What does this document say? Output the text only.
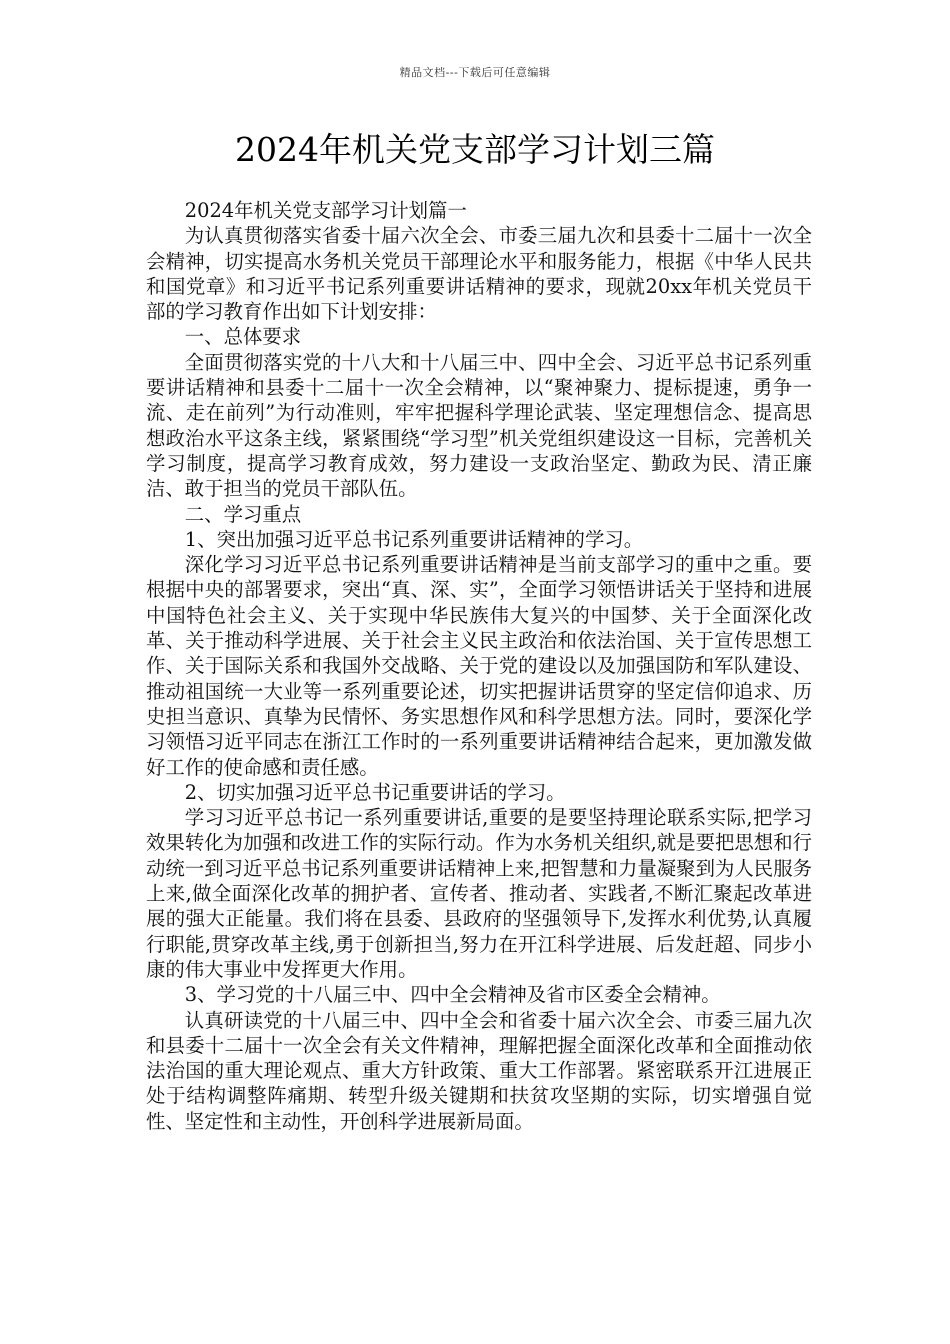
精品文档---下载后可任意编辑
2024年机关党支部学习计划三篇

2024年机关党支部学习计划篇一

为认真贯彻落实省委十届六次全会、市委三届九次和县委十二届十一次全会精神，切实提高水务机关党员干部理论水平和服务能力，根据《中华人民共和国党章》和习近平书记系列重要讲话精神的要求，现就20xx年机关党员干部的学习教育作出如下计划安排：

一、总体要求

全面贯彻落实党的十八大和十八届三中、四中全会、习近平总书记系列重要讲话精神和县委十二届十一次全会精神，以“聚神聚力、提标提速，勇争一流、走在前列”为行动准则，牢牢把握科学理论武装、坚定理想信念、提高思想政治水平这条主线，紧紧围绕“学习型”机关党组织建设这一目标，完善机关学习制度，提高学习教育成效，努力建设一支政治坚定、勤政为民、清正廉洁、敢于担当的党员干部队伍。

二、学习重点

1、突出加强习近平总书记系列重要讲话精神的学习。

深化学习习近平总书记系列重要讲话精神是当前支部学习的重中之重。要根据中央的部署要求，突出“真、深、实”，全面学习领悟讲话关于坚持和进展中国特色社会主义、关于实现中华民族伟大复兴的中国梦、关于全面深化改革、关于推动科学进展、关于社会主义民主政治和依法治国、关于宣传思想工作、关于国际关系和我国外交战略、关于党的建设以及加强国防和军队建设、推动祖国统一大业等一系列重要论述，切实把握讲话贯穿的坚定信仰追求、历史担当意识、真挚为民情怀、务实思想作风和科学思想方法。同时，要深化学习领悟习近平同志在浙江工作时的一系列重要讲话精神结合起来，更加激发做好工作的使命感和责任感。

2、切实加强习近平总书记重要讲话的学习。

学习习近平总书记一系列重要讲话,重要的是要坚持理论联系实际,把学习效果转化为加强和改进工作的实际行动。作为水务机关组织,就是要把思想和行动统一到习近平总书记系列重要讲话精神上来,把智慧和力量凝聚到为人民服务上来,做全面深化改革的拥护者、宣传者、推动者、实践者,不断汇聚起改革进展的强大正能量。我们将在县委、县政府的坚强领导下,发挥水利优势,认真履行职能,贯穿改革主线,勇于创新担当,努力在开江科学进展、后发赶超、同步小康的伟大事业中发挥更大作用。

3、学习党的十八届三中、四中全会精神及省市区委全会精神。

认真研读党的十八届三中、四中全会和省委十届六次全会、市委三届九次和县委十二届十一次全会有关文件精神，理解把握全面深化改革和全面推动依法治国的重大理论观点、重大方针政策、重大工作部署。紧密联系开江进展正处于结构调整阵痛期、转型升级关键期和扶贫攻坚期的实际，切实增强自觉性、坚定性和主动性，开创科学进展新局面。
